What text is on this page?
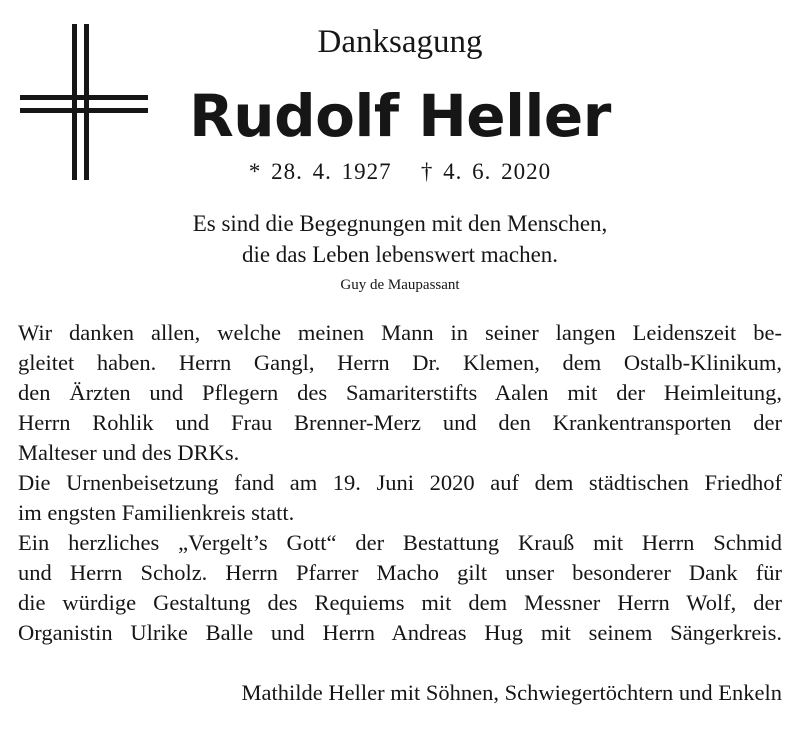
Danksagung
Rudolf Heller
* 28. 4. 1927   † 4. 6. 2020
Es sind die Begegnungen mit den Menschen,
die das Leben lebenswert machen.
Guy de Maupassant

Wir danken allen, welche meinen Mann in seiner langen Leidenszeit be-

gleitet haben. Herrn Gangl, Herrn Dr. Klemen, dem Ostalb-Klinikum,

den Ärzten und Pflegern des Samariterstifts Aalen mit der Heimleitung,

Herrn Rohlik und Frau Brenner-Merz und den Krankentransporten der

Malteser und des DRKs.

Die Urnenbeisetzung fand am 19. Juni 2020 auf dem städtischen Friedhof

im engsten Familienkreis statt.

Ein herzliches „Vergelt’s Gott“ der Bestattung Krauß mit Herrn Schmid

und Herrn Scholz. Herrn Pfarrer Macho gilt unser besonderer Dank für

die würdige Gestaltung des Requiems mit dem Messner Herrn Wolf, der

Organistin Ulrike Balle und Herrn Andreas Hug mit seinem Sängerkreis.

Mathilde Heller mit Söhnen, Schwiegertöchtern und Enkeln
